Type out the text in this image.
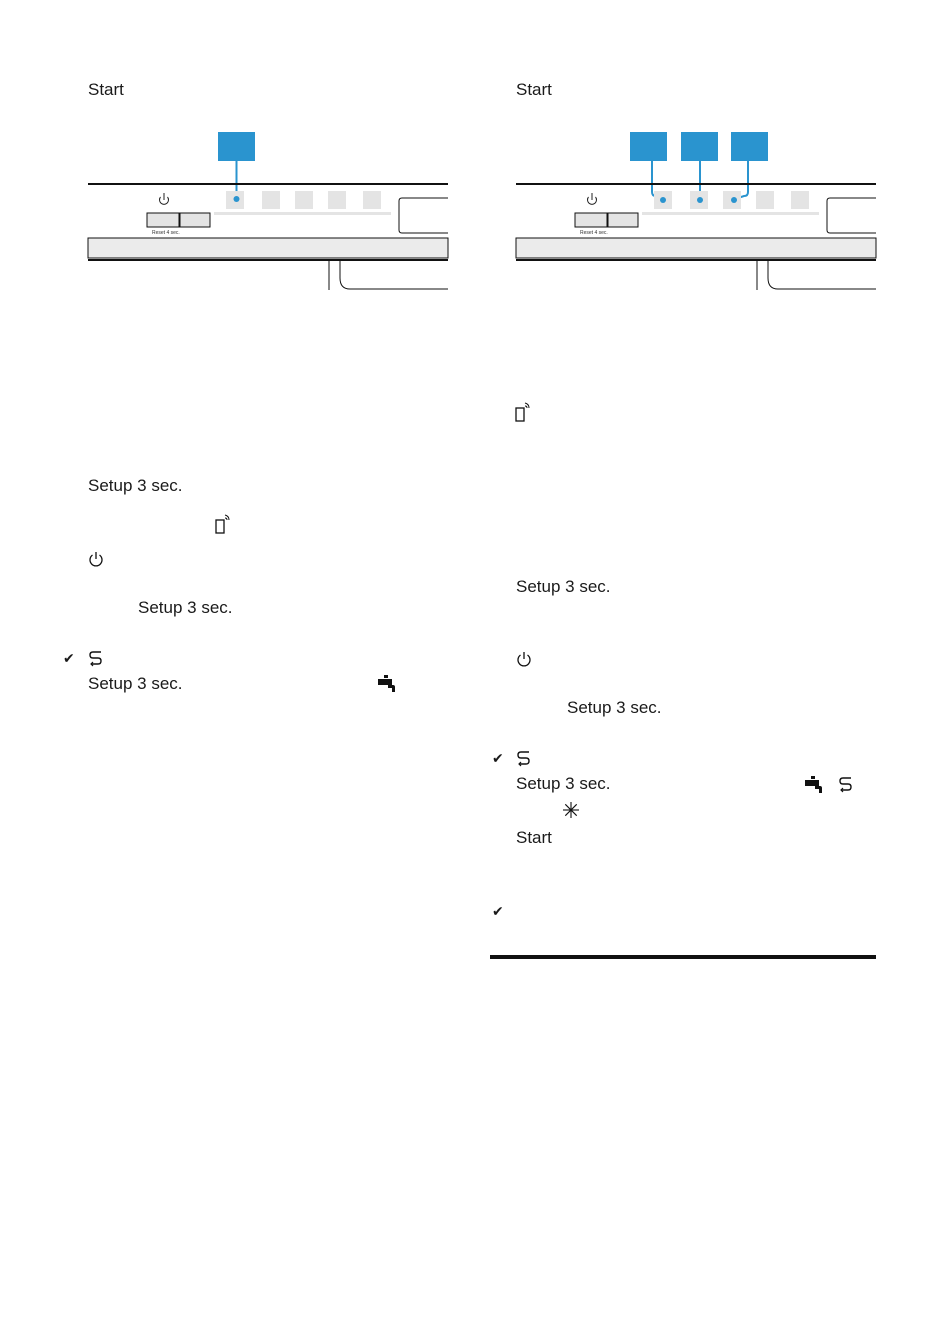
Start
Reset 4 sec.
Setup 3 sec.
Setup 3 sec.
✔
Setup 3 sec.
Start
Reset 4 sec.
Setup 3 sec.
Setup 3 sec.
✔
Setup 3 sec.
Start
✔
